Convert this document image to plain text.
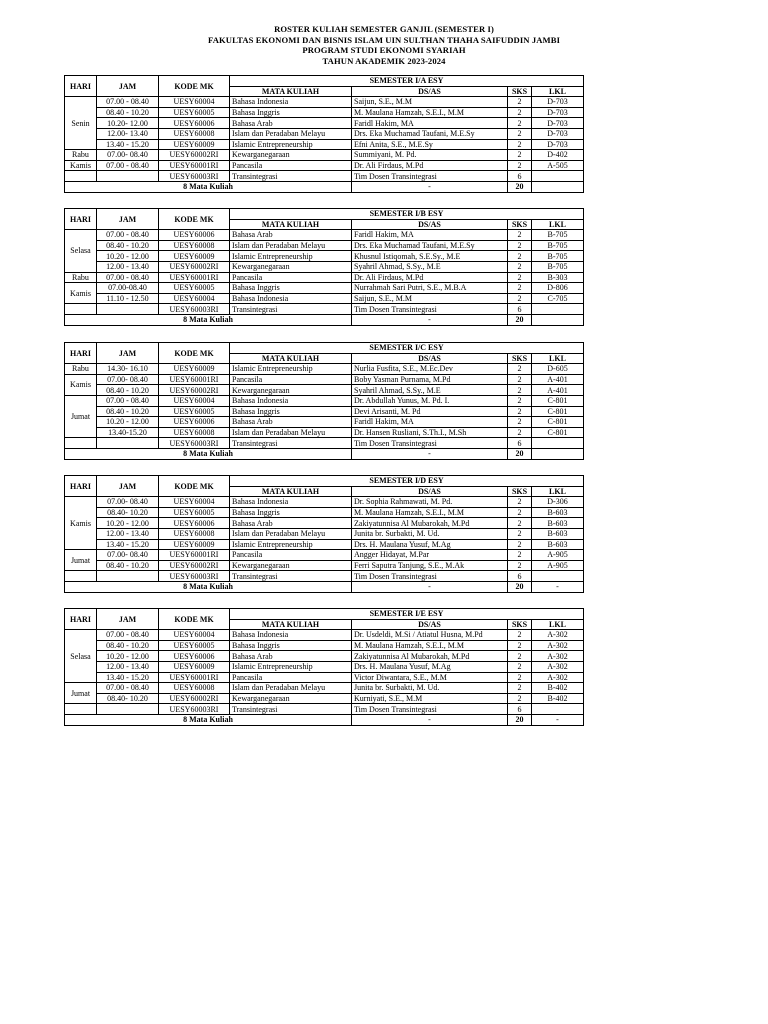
ROSTER KULIAH SEMESTER GANJIL (SEMESTER I)
FAKULTAS EKONOMI DAN BISNIS ISLAM UIN SULTHAN THAHA SAIFUDDIN JAMBI
PROGRAM STUDI EKONOMI SYARIAH
TAHUN AKADEMIK 2023-2024
HARI	JAM	KODE MK	SEMESTER I/A ESY			
			MATA KULIAH	DS/AS	SKS	LKL
Senin	07.00 - 08.40	UESY60004	Bahasa Indonesia	Saijun, S.E., M.M	2	D-703
	08.40 - 10.20	UESY60005	Bahasa Inggris	M. Maulana Hamzah, S.E.I., M.M	2	D-703
	10.20- 12.00	UESY60006	Bahasa Arab	Faridl Hakim, MA	2	D-703
	12.00- 13.40	UESY60008	Islam dan Peradaban Melayu	Drs. Eka Muchamad Taufani, M.E.Sy	2	D-703
	13.40 - 15.20	UESY60009	Islamic Entrepreneurship	Efni Anita, S.E., M.E.Sy	2	D-703
Rabu	07.00- 08.40	UESY60002RI	Kewarganegaraan	Summiyani, M. Pd.	2	D-402
Kamis	07.00 - 08.40	UESY60001RI	Pancasila	Dr. Ali Firdaus, M.Pd	2	A-505
		UESY60003RI	Transintegrasi	Tim Dosen Transintegrasi	6	
8 Mata Kuliah				-	20	
HARI	JAM	KODE MK	SEMESTER I/B ESY			
			MATA KULIAH	DS/AS	SKS	LKL
Selasa	07.00 - 08.40	UESY60006	Bahasa Arab	Faridl Hakim, MA	2	B-705
	08.40 - 10.20	UESY60008	Islam dan Peradaban Melayu	Drs. Eka Muchamad Taufani, M.E.Sy	2	B-705
	10.20 - 12.00	UESY60009	Islamic Entrepreneurship	Khusnul Istiqomah, S.E.Sy., M.E	2	B-705
	12.00 - 13.40	UESY60002RI	Kewarganegaraan	Syahril Ahmad, S.Sy., M.E	2	B-705
Rabu	07.00 - 08.40	UESY60001RI	Pancasila	Dr. Ali Firdaus, M.Pd	2	B-303
Kamis	07.00-08.40	UESY60005	Bahasa Inggris	Nurrahmah Sari Putri, S.E., M.B.A	2	D-806
	11.10 - 12.50	UESY60004	Bahasa Indonesia	Saijun, S.E., M.M	2	C-705
		UESY60003RI	Transintegrasi	Tim Dosen Transintegrasi	6	
8 Mata Kuliah				-	20	
HARI	JAM	KODE MK	SEMESTER I/C ESY			
			MATA KULIAH	DS/AS	SKS	LKL
Rabu	14.30- 16.10	UESY60009	Islamic Entrepreneurship	Nurlia Fusfita, S.E., M.Ec.Dev	2	D-605
Kamis	07.00- 08.40	UESY60001RI	Pancasila	Boby Yasman Purnama, M.Pd	2	A-401
	08.40 - 10.20	UESY60002RI	Kewarganegaraan	Syahril Ahmad, S.Sy., M.E	2	A-401
Jumat	07.00 - 08.40	UESY60004	Bahasa Indonesia	Dr. Abdullah Yunus, M. Pd. I.	2	C-801
	08.40 - 10.20	UESY60005	Bahasa Inggris	Devi Arisanti, M. Pd	2	C-801
	10.20 - 12.00	UESY60006	Bahasa Arab	Faridl Hakim, MA	2	C-801
	13.40-15.20	UESY60008	Islam dan Peradaban Melayu	Dr. Hansen Rusliani, S.Th.I., M.Sh	2	C-801
		UESY60003RI	Transintegrasi	Tim Dosen Transintegrasi	6	
8 Mata Kuliah				-	20	
HARI	JAM	KODE MK	SEMESTER I/D ESY			
			MATA KULIAH	DS/AS	SKS	LKL
Kamis	07.00- 08.40	UESY60004	Bahasa Indonesia	Dr. Sophia Rahmawati, M. Pd.	2	D-306
	08.40- 10.20	UESY60005	Bahasa Inggris	M. Maulana Hamzah, S.E.I., M.M	2	B-603
	10.20 - 12.00	UESY60006	Bahasa Arab	Zakiyatunnisa Al Mubarokah, M.Pd	2	B-603
	12.00 - 13.40	UESY60008	Islam dan Peradaban Melayu	Junita br. Surbakti, M. Ud.	2	B-603
	13.40 - 15.20	UESY60009	Islamic Entrepreneurship	Drs. H. Maulana Yusuf, M.Ag	2	B-603
Jumat	07.00- 08.40	UESY60001RI	Pancasila	Angger Hidayat, M.Par	2	A-905
	08.40 - 10.20	UESY60002RI	Kewarganegaraan	Ferri Saputra Tanjung, S.E., M.Ak	2	A-905
		UESY60003RI	Transintegrasi	Tim Dosen Transintegrasi	6	
8 Mata Kuliah				-	20	-
HARI	JAM	KODE MK	SEMESTER I/E ESY			
			MATA KULIAH	DS/AS	SKS	LKL
Selasa	07.00 - 08.40	UESY60004	Bahasa Indonesia	Dr. Usdeldi, M.Si / Atiatul Husna, M.Pd	2	A-302
	08.40 - 10.20	UESY60005	Bahasa Inggris	M. Maulana Hamzah, S.E.I., M.M	2	A-302
	10.20 - 12.00	UESY60006	Bahasa Arab	Zakiyatunnisa Al Mubarokah, M.Pd	2	A-302
	12.00 - 13.40	UESY60009	Islamic Entrepreneurship	Drs. H. Maulana Yusuf, M.Ag	2	A-302
	13.40 - 15.20	UESY60001RI	Pancasila	Victor Diwantara, S.E., M.M	2	A-302
Jumat	07.00 - 08.40	UESY60008	Islam dan Peradaban Melayu	Junita br. Surbakti, M. Ud.	2	B-402
	08.40- 10.20	UESY60002RI	Kewarganegaraan	Kurniyati, S.E., M.M	2	B-402
		UESY60003RI	Transintegrasi	Tim Dosen Transintegrasi	6	
8 Mata Kuliah				-	20	-
